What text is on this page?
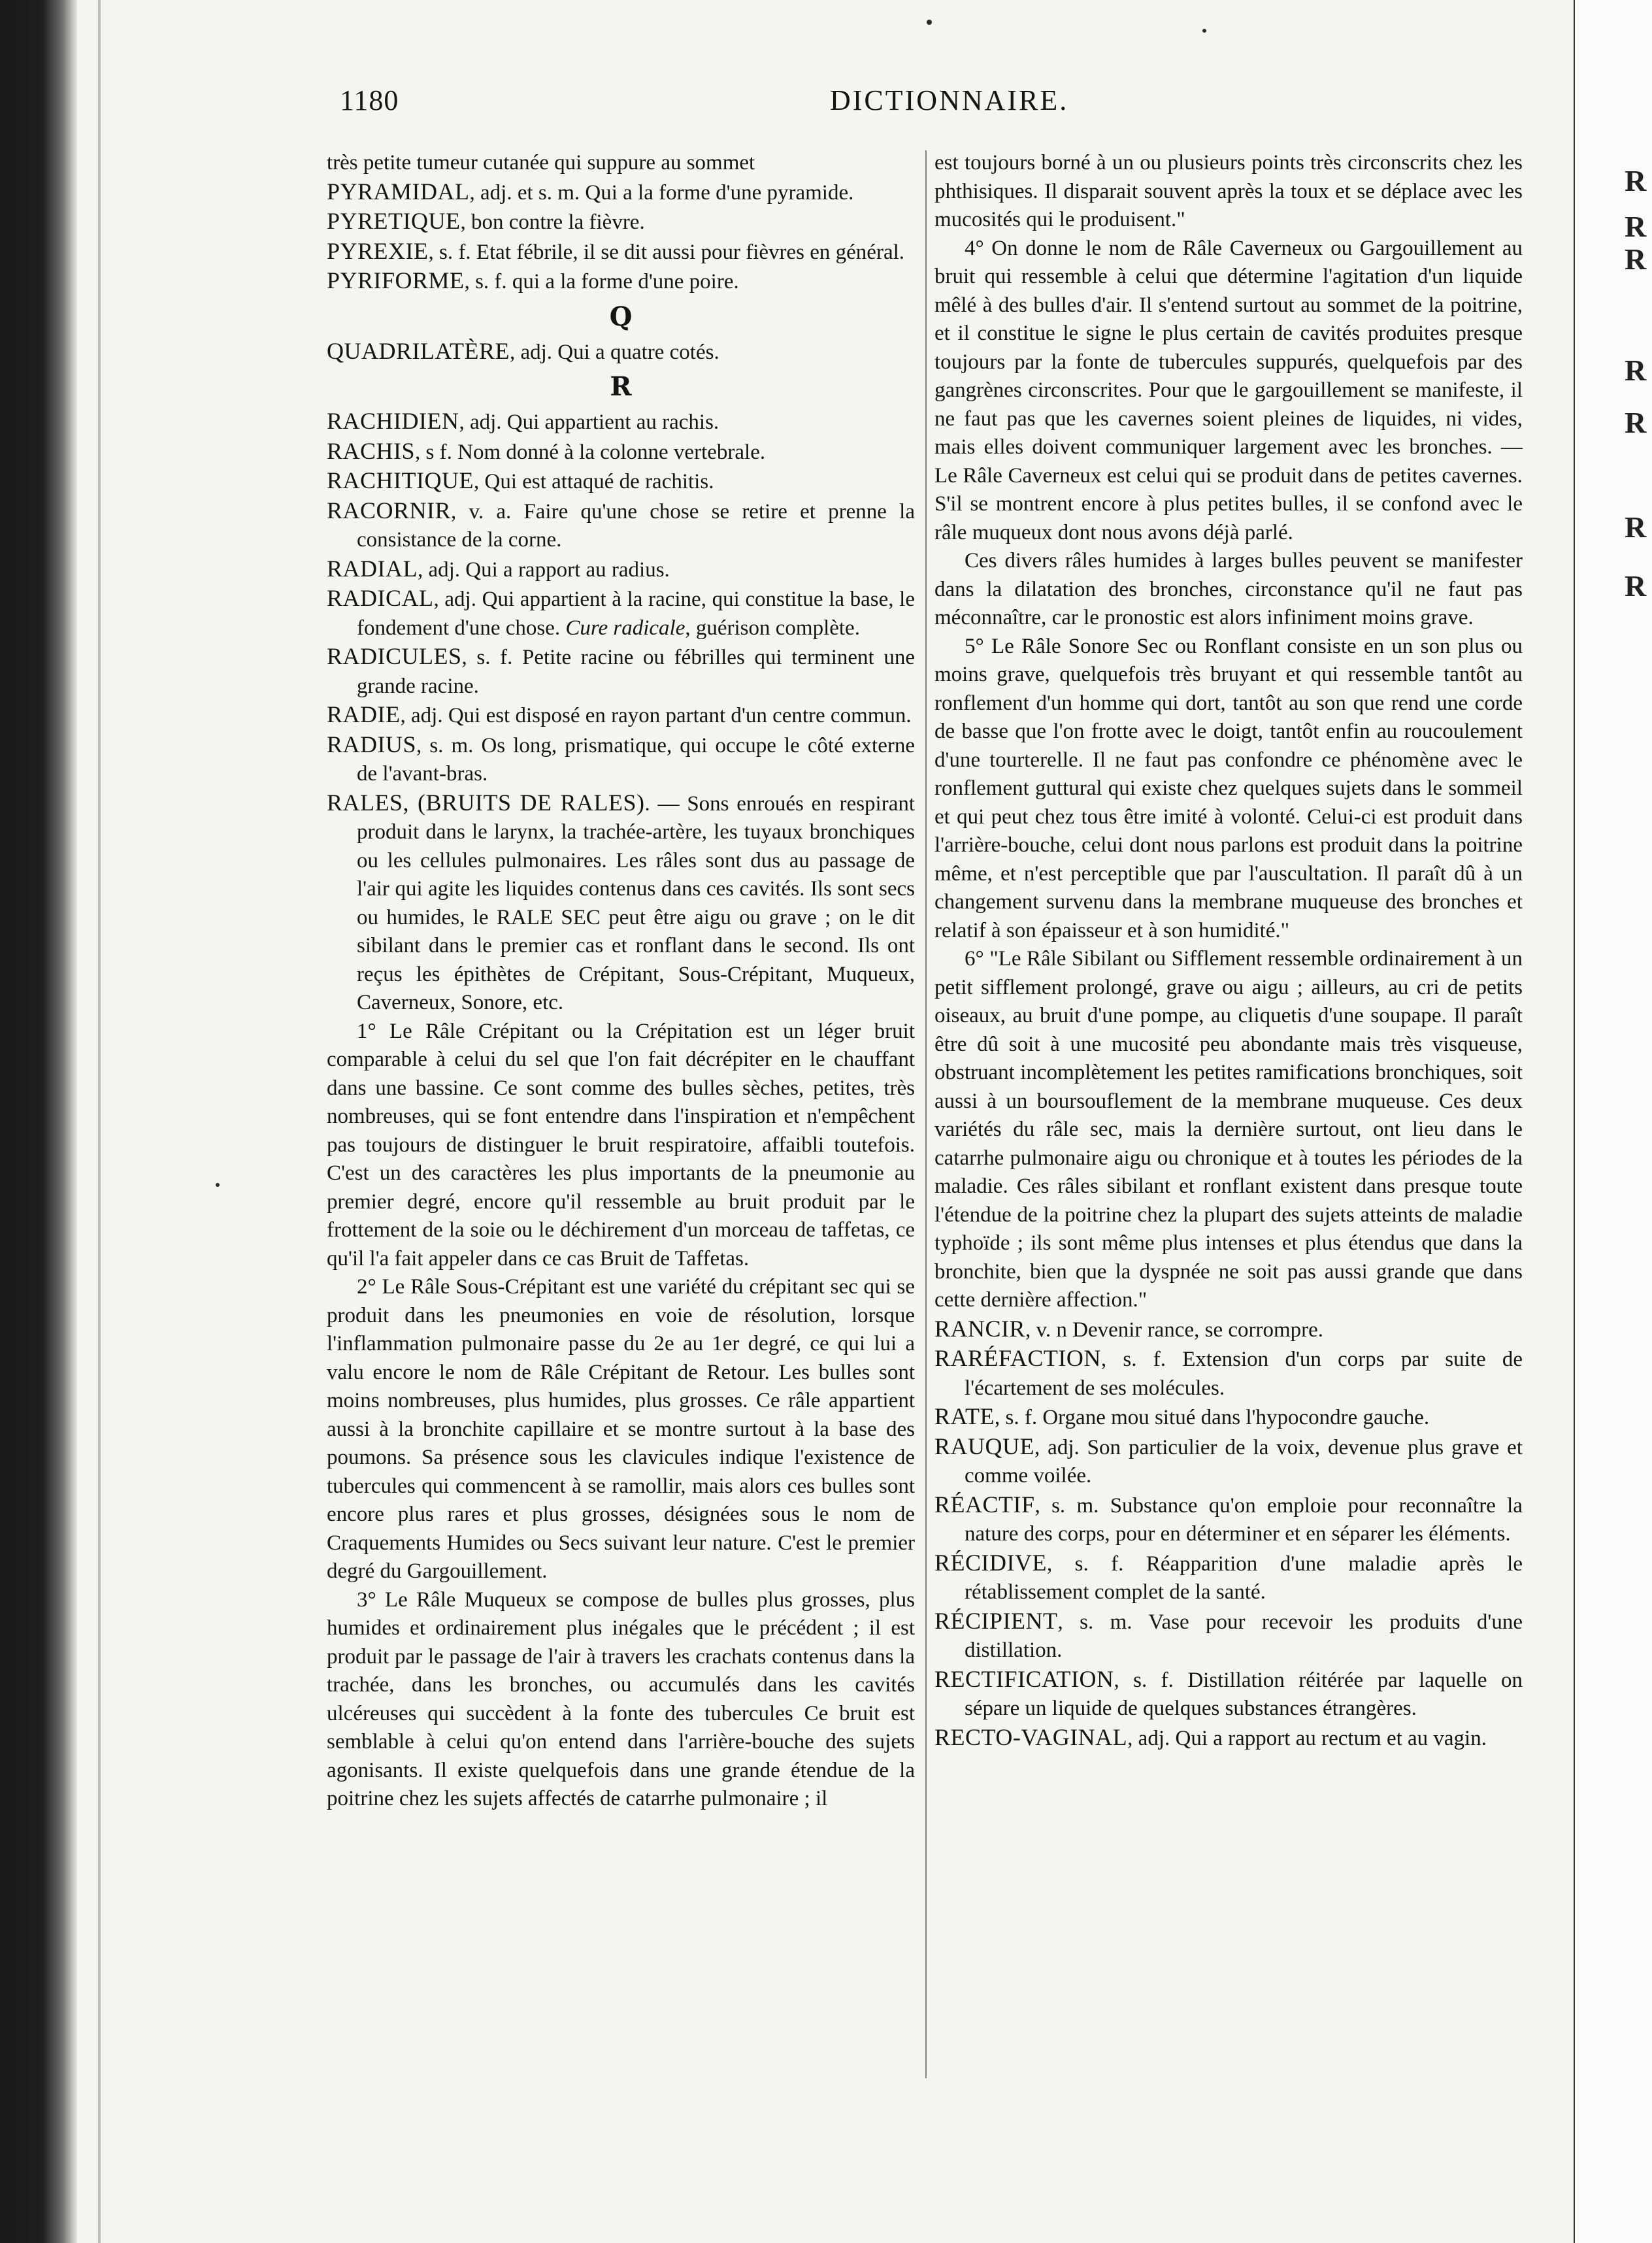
R
R
R
R
R
R
R
1180	DICTIONNAIRE.

très petite tumeur cutanée qui suppure au sommet

PYRAMIDAL, adj. et s. m. Qui a la forme d'une pyramide.

PYRETIQUE, bon contre la fièvre.

PYREXIE, s. f. Etat fébrile, il se dit aussi pour fièvres en général.

PYRIFORME, s. f. qui a la forme d'une poire.

Q

QUADRILATÈRE, adj. Qui a quatre cotés.

R

RACHIDIEN, adj. Qui appartient au rachis.

RACHIS, s f. Nom donné à la colonne vertebrale.

RACHITIQUE, Qui est attaqué de rachitis.

RACORNIR, v. a. Faire qu'une chose se retire et prenne la consistance de la corne.

RADIAL, adj. Qui a rapport au radius.

RADICAL, adj. Qui appartient à la racine, qui constitue la base, le fondement d'une chose. Cure radicale, guérison complète.

RADICULES, s. f. Petite racine ou fébrilles qui terminent une grande racine.

RADIE, adj. Qui est disposé en rayon partant d'un centre commun.

RADIUS, s. m. Os long, prismatique, qui occupe le côté externe de l'avant-bras.

RALES, (BRUITS DE RALES). — Sons enroués en respirant produit dans le larynx, la trachée-artère, les tuyaux bronchiques ou les cellules pulmonaires. Les râles sont dus au passage de l'air qui agite les liquides contenus dans ces cavités. Ils sont secs ou humides, le RALE SEC peut être aigu ou grave ; on le dit sibilant dans le premier cas et ronflant dans le second. Ils ont reçus les épithètes de Crépitant, Sous-Crépitant, Muqueux, Caverneux, Sonore, etc.

1° Le Râle Crépitant ou la Crépitation est un léger bruit comparable à celui du sel que l'on fait décrépiter en le chauffant dans une bassine. Ce sont comme des bulles sèches, petites, très nombreuses, qui se font entendre dans l'inspiration et n'empêchent pas toujours de distinguer le bruit respiratoire, affaibli toutefois. C'est un des caractères les plus importants de la pneumonie au premier degré, encore qu'il ressemble au bruit produit par le frottement de la soie ou le déchirement d'un morceau de taffetas, ce qu'il l'a fait appeler dans ce cas Bruit de Taffetas.

2° Le Râle Sous-Crépitant est une variété du crépitant sec qui se produit dans les pneumonies en voie de résolution, lorsque l'inflammation pulmonaire passe du 2e au 1er degré, ce qui lui a valu encore le nom de Râle Crépitant de Retour. Les bulles sont moins nombreuses, plus humides, plus grosses. Ce râle appartient aussi à la bronchite capillaire et se montre surtout à la base des poumons. Sa présence sous les clavicules indique l'existence de tubercules qui commencent à se ramollir, mais alors ces bulles sont encore plus rares et plus grosses, désignées sous le nom de Craquements Humides ou Secs suivant leur nature. C'est le premier degré du Gargouillement.

3° Le Râle Muqueux se compose de bulles plus grosses, plus humides et ordinairement plus inégales que le précédent ; il est produit par le passage de l'air à travers les crachats contenus dans la trachée, dans les bronches, ou accumulés dans les cavités ulcéreuses qui succèdent à la fonte des tubercules Ce bruit est semblable à celui qu'on entend dans l'arrière-bouche des sujets agonisants. Il existe quelquefois dans une grande étendue de la poitrine chez les sujets affectés de catarrhe pulmonaire ; il

est toujours borné à un ou plusieurs points très circonscrits chez les phthisiques. Il disparait souvent après la toux et se déplace avec les mucosités qui le produisent."

4° On donne le nom de Râle Caverneux ou Gargouillement au bruit qui ressemble à celui que détermine l'agitation d'un liquide mêlé à des bulles d'air. Il s'entend surtout au sommet de la poitrine, et il constitue le signe le plus certain de cavités produites presque toujours par la fonte de tubercules suppurés, quelquefois par des gangrènes circonscrites. Pour que le gargouillement se manifeste, il ne faut pas que les cavernes soient pleines de liquides, ni vides, mais elles doivent communiquer largement avec les bronches. — Le Râle Caverneux est celui qui se produit dans de petites cavernes. S'il se montrent encore à plus petites bulles, il se confond avec le râle muqueux dont nous avons déjà parlé.

Ces divers râles humides à larges bulles peuvent se manifester dans la dilatation des bronches, circonstance qu'il ne faut pas méconnaître, car le pronostic est alors infiniment moins grave.

5° Le Râle Sonore Sec ou Ronflant consiste en un son plus ou moins grave, quelquefois très bruyant et qui ressemble tantôt au ronflement d'un homme qui dort, tantôt au son que rend une corde de basse que l'on frotte avec le doigt, tantôt enfin au roucoulement d'une tourterelle. Il ne faut pas confondre ce phénomène avec le ronflement guttural qui existe chez quelques sujets dans le sommeil et qui peut chez tous être imité à volonté. Celui-ci est produit dans l'arrière-bouche, celui dont nous parlons est produit dans la poitrine même, et n'est perceptible que par l'auscultation. Il paraît dû à un changement survenu dans la membrane muqueuse des bronches et relatif à son épaisseur et à son humidité."

6° "Le Râle Sibilant ou Sifflement ressemble ordinairement à un petit sifflement prolongé, grave ou aigu ; ailleurs, au cri de petits oiseaux, au bruit d'une pompe, au cliquetis d'une soupape. Il paraît être dû soit à une mucosité peu abondante mais très visqueuse, obstruant incomplètement les petites ramifications bronchiques, soit aussi à un boursouflement de la membrane muqueuse. Ces deux variétés du râle sec, mais la dernière surtout, ont lieu dans le catarrhe pulmonaire aigu ou chronique et à toutes les périodes de la maladie. Ces râles sibilant et ronflant existent dans presque toute l'étendue de la poitrine chez la plupart des sujets atteints de maladie typhoïde ; ils sont même plus intenses et plus étendus que dans la bronchite, bien que la dyspnée ne soit pas aussi grande que dans cette dernière affection."

RANCIR, v. n Devenir rance, se corrompre.

RARÉFACTION, s. f. Extension d'un corps par suite de l'écartement de ses molécules.

RATE, s. f. Organe mou situé dans l'hypocondre gauche.

RAUQUE, adj. Son particulier de la voix, devenue plus grave et comme voilée.

RÉACTIF, s. m. Substance qu'on emploie pour reconnaître la nature des corps, pour en déterminer et en séparer les éléments.

RÉCIDIVE, s. f. Réapparition d'une maladie après le rétablissement complet de la santé.

RÉCIPIENT, s. m. Vase pour recevoir les produits d'une distillation.

RECTIFICATION, s. f. Distillation réitérée par laquelle on sépare un liquide de quelques substances étrangères.

RECTO-VAGINAL, adj. Qui a rapport au rectum et au vagin.
